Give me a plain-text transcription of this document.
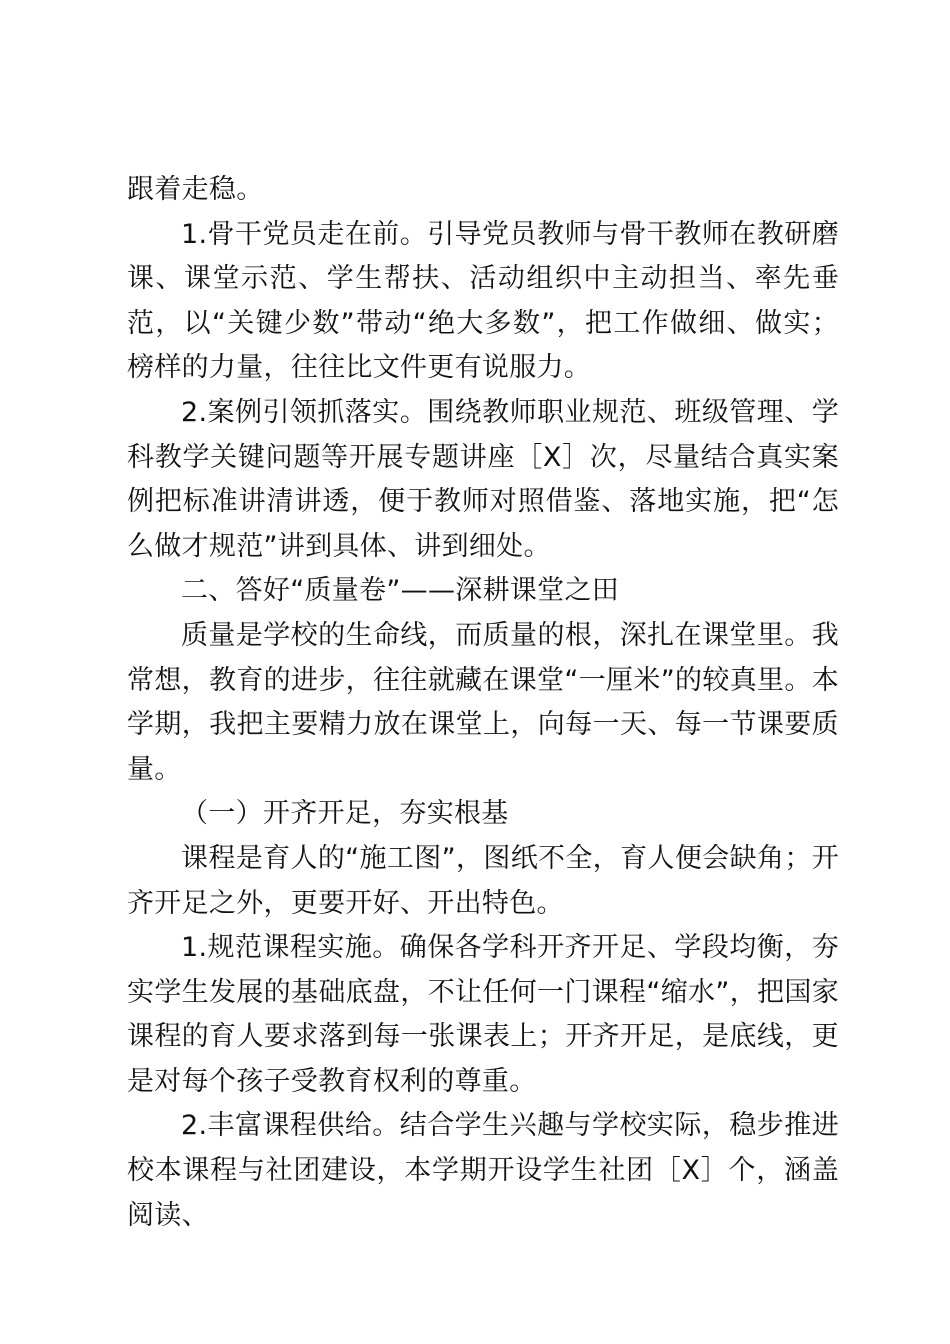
跟着走稳。

1.骨干党员走在前。引导党员教师与骨干教师在教研磨课、课堂示范、学生帮扶、活动组织中主动担当、率先垂范，以“关键少数”带动“绝大多数”，把工作做细、做实；榜样的力量，往往比文件更有说服力。

2.案例引领抓落实。围绕教师职业规范、班级管理、学科教学关键问题等开展专题讲座［X］次，尽量结合真实案例把标准讲清讲透，便于教师对照借鉴、落地实施，把“怎么做才规范”讲到具体、讲到细处。

二、答好“质量卷”——深耕课堂之田

质量是学校的生命线，而质量的根，深扎在课堂里。我常想，教育的进步，往往就藏在课堂“一厘米”的较真里。本学期，我把主要精力放在课堂上，向每一天、每一节课要质量。

（一）开齐开足，夯实根基

课程是育人的“施工图”，图纸不全，育人便会缺角；开齐开足之外，更要开好、开出特色。

1.规范课程实施。确保各学科开齐开足、学段均衡，夯实学生发展的基础底盘，不让任何一门课程“缩水”，把国家课程的育人要求落到每一张课表上；开齐开足，是底线，更是对每个孩子受教育权利的尊重。

2.丰富课程供给。结合学生兴趣与学校实际，稳步推进校本课程与社团建设，本学期开设学生社团［X］个，涵盖阅读、
